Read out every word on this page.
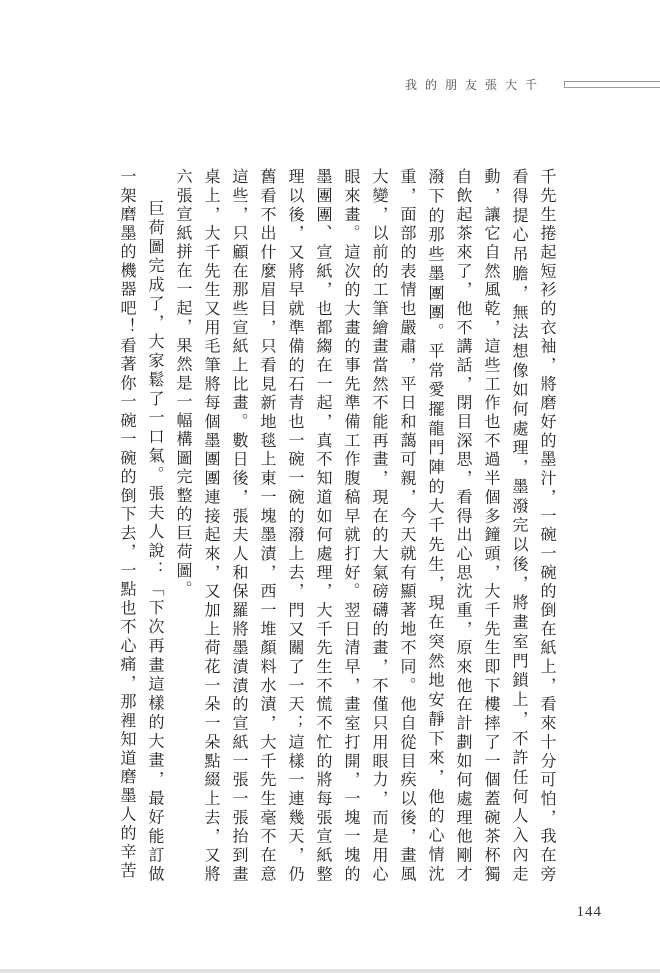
我的朋友張大千

千先生捲起短衫的衣袖，將磨好的墨汁，一碗一碗的倒在紙上，看來十分可怕，我在旁看得提心吊膽，無法想像如何處理，墨潑完以後，將畫室門鎖上，不許任何人入內走動，讓它自然風乾，這些工作也不過半個多鐘頭，大千先生即下樓摔了一個蓋碗茶杯獨自飲起茶來了，他不講話，閉目深思，看得出心思沈重，原來他在計劃如何處理他剛才潑下的那些墨團團。平常愛擺龍門陣的大千先生，現在突然地安靜下來，他的心情沈重，面部的表情也嚴肅，平日和藹可親，今天就有顯著地不同。他自從目疾以後，畫風大變，以前的工筆繪畫當然不能再畫，現在的大氣磅礴的畫，不僅只用眼力，而是用心眼來畫。這次的大畫的事先準備工作腹稿早就打好。翌日清早，畫室打開，一塊一塊的墨團團、宣紙，也都縐在一起，真不知道如何處理，大千先生不慌不忙的將每張宣紙整理以後，又將早就準備的石青也一碗一碗的潑上去，門又關了一天；這樣一連幾天，仍舊看不出什麼眉目，只看見新地毯上東一塊墨漬，西一堆顏料水漬，大千先生毫不在意這些，只顧在那些宣紙上比畫。數日後，張夫人和保羅將墨漬漬的宣紙一張一張抬到畫桌上，大千先生又用毛筆將每個墨團團連接起來，又加上荷花一朵一朵點綴上去，又將六張宣紙拼在一起，果然是一幅構圖完整的巨荷圖。

巨荷圖完成了，大家鬆了一口氣。張夫人說：「下次再畫這樣的大畫，最好能訂做一架磨墨的機器吧！看著你一碗一碗的倒下去，一點也不心痛，那裡知道磨墨人的辛苦

144
